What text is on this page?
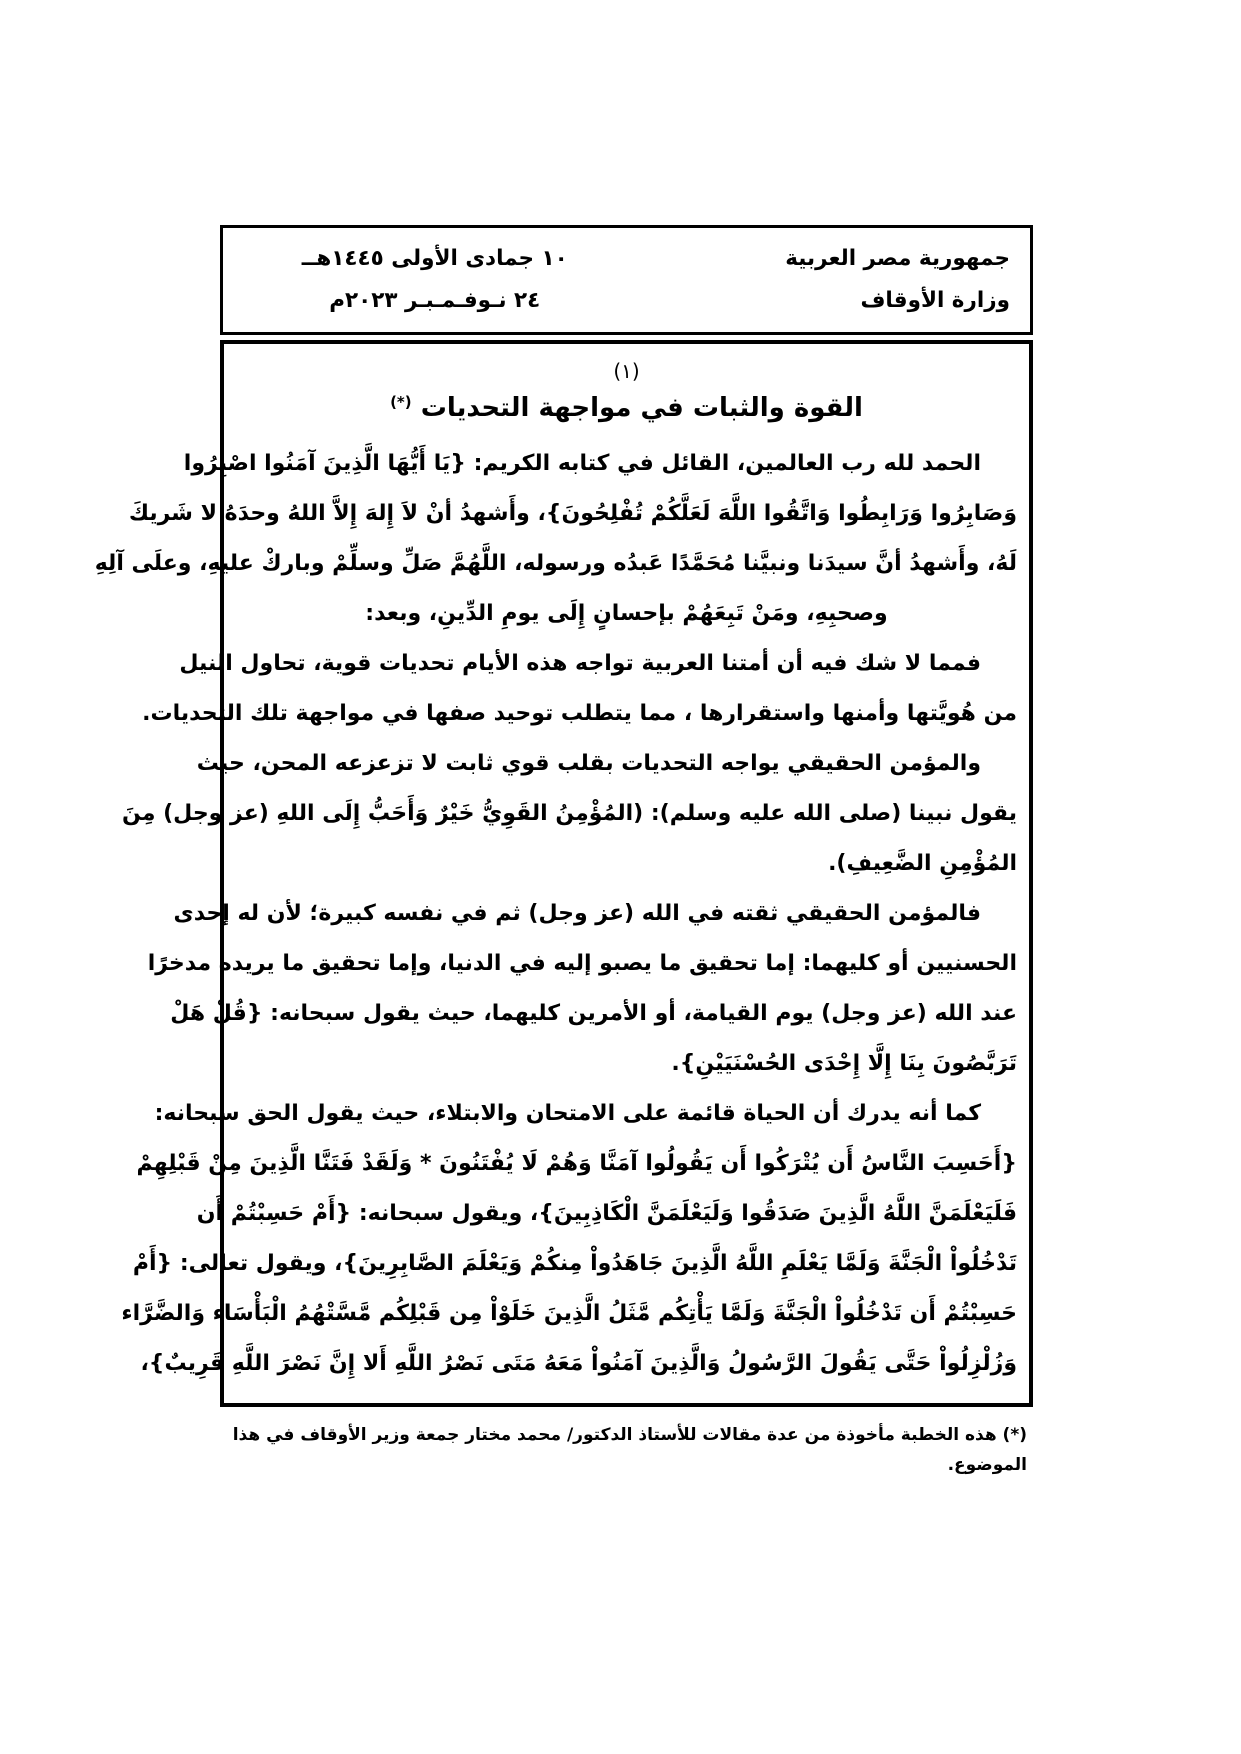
جمهورية مصر العربية
وزارة الأوقاف
١٠ جمادى الأولى ١٤٤٥هــ
٢٤ نـوفـمـبـر ٢٠٢٣م
(١)
القوة والثبات في مواجهة التحديات (*)
الحمد لله رب العالمين، القائل في كتابه الكريم: {يَا أَيُّهَا الَّذِينَ آمَنُوا اصْبِرُوا
وَصَابِرُوا وَرَابِطُوا وَاتَّقُوا اللَّهَ لَعَلَّكُمْ تُفْلِحُونَ}، وأَشهدُ أنْ لاَ إِلهَ إِلاَّ اللهُ وحدَهُ لا شَريكَ
لَهُ، وأَشهدُ أنَّ سيدَنا ونبيَّنا مُحَمَّدًا عَبدُه ورسوله، اللَّهُمَّ صَلِّ وسلِّمْ وباركْ عليهِ، وعلَى آلِهِ
وصحبِهِ، ومَنْ تَبِعَهُمْ بإحسانٍ إِلَى يومِ الدِّينِ، وبعد:
فمما لا شك فيه أن أمتنا العربية تواجه هذه الأيام تحديات قوية، تحاول النيل
من هُويَّتها وأمنها واستقرارها ، مما يتطلب توحيد صفها في مواجهة تلك التحديات.
والمؤمن الحقيقي يواجه التحديات بقلب قوي ثابت لا تزعزعه المحن، حيث
يقول نبينا (صلى الله عليه وسلم): (المُؤْمِنُ القَوِيُّ خَيْرٌ وَأَحَبُّ إِلَى اللهِ (عز وجل) مِنَ
المُؤْمِنِ الضَّعِيفِ).
فالمؤمن الحقيقي ثقته في الله (عز وجل) ثم في نفسه كبيرة؛ لأن له إحدى
الحسنيين أو كليهما: إما تحقيق ما يصبو إليه في الدنيا، وإما تحقيق ما يريده مدخرًا
عند الله (عز وجل) يوم القيامة، أو الأمرين كليهما، حيث يقول سبحانه: {قُلْ هَلْ
تَرَبَّصُونَ بِنَا إِلَّا إِحْدَى الحُسْنَيَيْنِ}.
كما أنه يدرك أن الحياة قائمة على الامتحان والابتلاء، حيث يقول الحق سبحانه:
{أَحَسِبَ النَّاسُ أَن يُتْرَكُوا أَن يَقُولُوا آمَنَّا وَهُمْ لَا يُفْتَنُونَ * وَلَقَدْ فَتَنَّا الَّذِينَ مِنْ قَبْلِهِمْ
فَلَيَعْلَمَنَّ اللَّهُ الَّذِينَ صَدَقُوا وَلَيَعْلَمَنَّ الْكَاذِبِينَ}، ويقول سبحانه: {أَمْ حَسِبْتُمْ أَن
تَدْخُلُواْ الْجَنَّةَ وَلَمَّا يَعْلَمِ اللَّهُ الَّذِينَ جَاهَدُواْ مِنكُمْ وَيَعْلَمَ الصَّابِرِينَ}، ويقول تعالى: {أَمْ
حَسِبْتُمْ أَن تَدْخُلُواْ الْجَنَّةَ وَلَمَّا يَأْتِكُم مَّثَلُ الَّذِينَ خَلَوْاْ مِن قَبْلِكُم مَّسَّتْهُمُ الْبَأْسَاء وَالضَّرَّاء
وَزُلْزِلُواْ حَتَّى يَقُولَ الرَّسُولُ وَالَّذِينَ آمَنُواْ مَعَهُ مَتَى نَصْرُ اللَّهِ أَلا إِنَّ نَصْرَ اللَّهِ قَرِيبٌ}،
(*) هذه الخطبة مأخوذة من عدة مقالات للأستاذ الدكتور/ محمد مختار جمعة وزير الأوقاف في هذا الموضوع.
